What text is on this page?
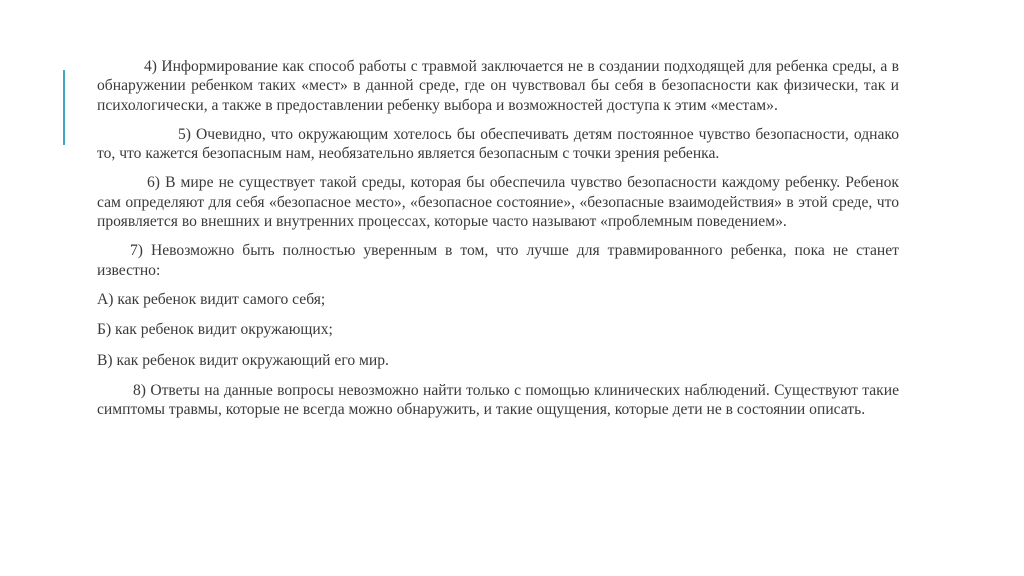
4) Информирование как способ работы с травмой заключается не в создании подходящей для ребенка среды, а в обнаружении ребенком таких «мест» в данной среде, где он чувствовал бы себя в безопасности как физически, так и психологически, а также в предоставлении ребенку выбора и возможностей доступа к этим «местам».

5) Очевидно, что окружающим хотелось бы обеспечивать детям постоянное чувство безопасности, однако то, что кажется безопасным нам, необязательно является безопасным с точки зрения ребенка.

6) В мире не существует такой среды, которая бы обеспечила чувство безопасности каждому ребенку. Ребенок сам определяют для себя «безопасное место», «безопасное состояние», «безопасные взаимодействия» в этой среде, что проявляется во внешних и внутренних процессах, которые часто называют «проблемным поведением».

7) Невозможно быть полностью уверенным в том, что лучше для травмированного ребенка, пока не станет известно:

А) как ребенок видит самого себя;

Б) как ребенок видит окружающих;

В) как ребенок видит окружающий его мир.

8) Ответы на данные вопросы невозможно найти только с помощью клинических наблюдений. Существуют такие симптомы травмы, которые не всегда можно обнаружить, и такие ощущения, которые дети не в состоянии описать.
